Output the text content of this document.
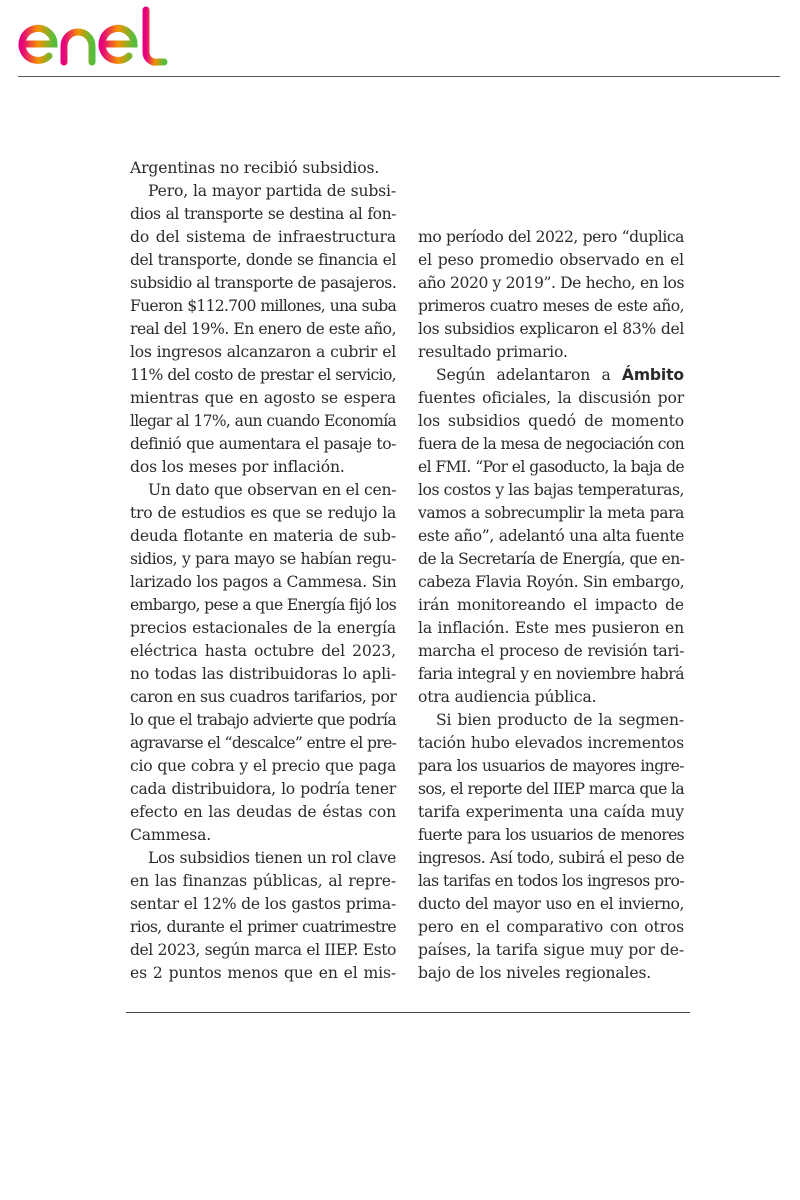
Argentinas no recibió subsidios.
Pero, la mayor partida de subsi-
dios al transporte se destina al fon-
do del sistema de infraestructura
del transporte, donde se financia el
subsidio al transporte de pasajeros.
Fueron $112.700 millones, una suba
real del 19%. En enero de este año,
los ingresos alcanzaron a cubrir el
11% del costo de prestar el servicio,
mientras que en agosto se espera
llegar al 17%, aun cuando Economía
definió que aumentara el pasaje to-
dos los meses por inflación.
Un dato que observan en el cen-
tro de estudios es que se redujo la
deuda flotante en materia de sub-
sidios, y para mayo se habían regu-
larizado los pagos a Cammesa. Sin
embargo, pese a que Energía fijó los
precios estacionales de la energía
eléctrica hasta octubre del 2023,
no todas las distribuidoras lo apli-
caron en sus cuadros tarifarios, por
lo que el trabajo advierte que podría
agravarse el “descalce” entre el pre-
cio que cobra y el precio que paga
cada distribuidora, lo podría tener
efecto en las deudas de éstas con
Cammesa.
Los subsidios tienen un rol clave
en las finanzas públicas, al repre-
sentar el 12% de los gastos prima-
rios, durante el primer cuatrimestre
del 2023, según marca el IIEP. Esto
es 2 puntos menos que en el mis-
mo período del 2022, pero “duplica
el peso promedio observado en el
año 2020 y 2019”. De hecho, en los
primeros cuatro meses de este año,
los subsidios explicaron el 83% del
resultado primario.
Según adelantaron a Ámbito
fuentes oficiales, la discusión por
los subsidios quedó de momento
fuera de la mesa de negociación con
el FMI. “Por el gasoducto, la baja de
los costos y las bajas temperaturas,
vamos a sobrecumplir la meta para
este año”, adelantó una alta fuente
de la Secretaría de Energía, que en-
cabeza Flavia Royón. Sin embargo,
irán monitoreando el impacto de
la inflación. Este mes pusieron en
marcha el proceso de revisión tari-
faria integral y en noviembre habrá
otra audiencia pública.
Si bien producto de la segmen-
tación hubo elevados incrementos
para los usuarios de mayores ingre-
sos, el reporte del IIEP marca que la
tarifa experimenta una caída muy
fuerte para los usuarios de menores
ingresos. Así todo, subirá el peso de
las tarifas en todos los ingresos pro-
ducto del mayor uso en el invierno,
pero en el comparativo con otros
países, la tarifa sigue muy por de-
bajo de los niveles regionales.
